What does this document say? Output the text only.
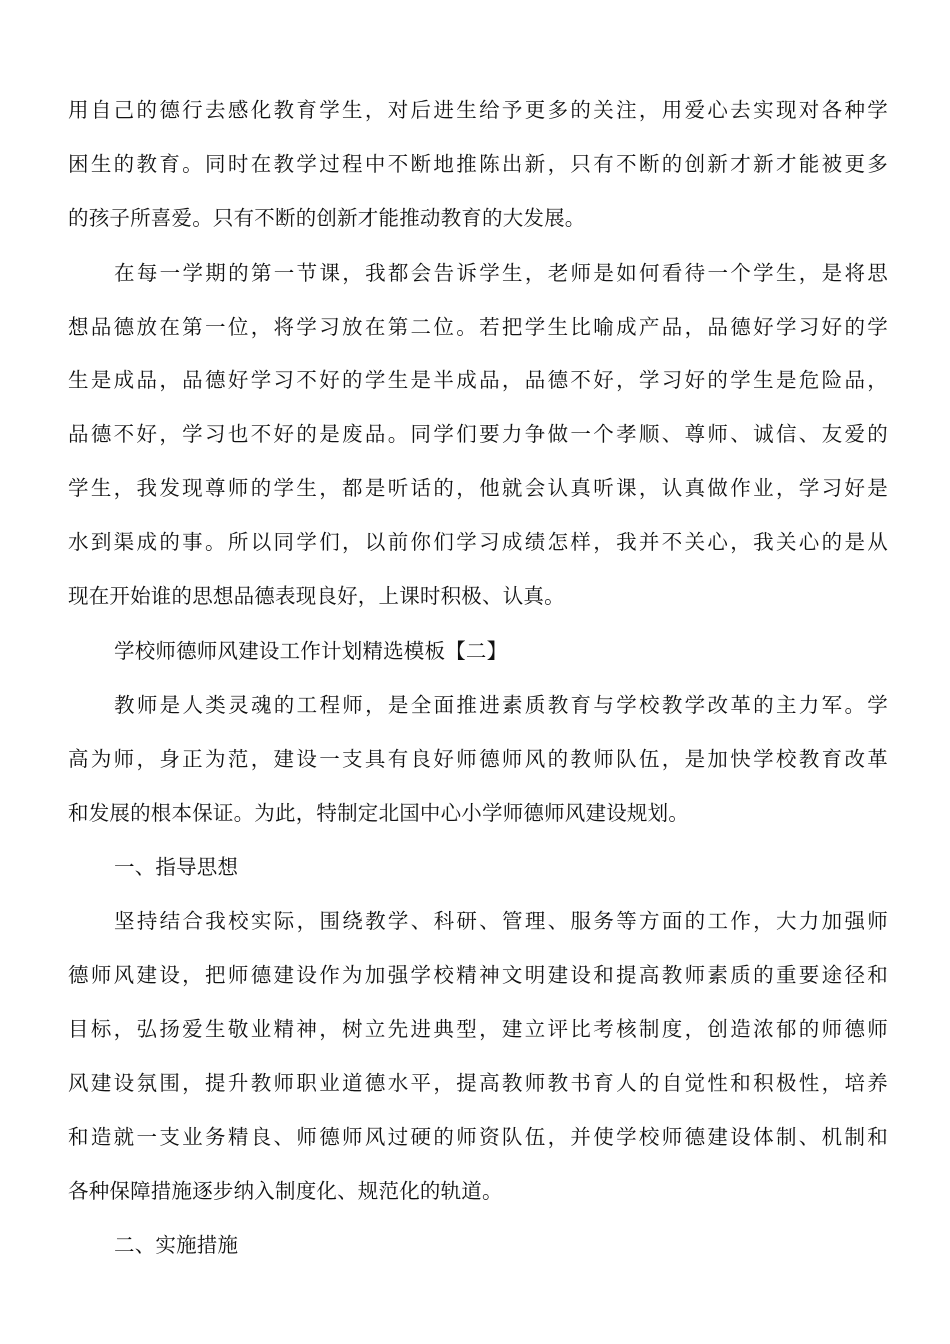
用自己的德行去感化教育学生，对后进生给予更多的关注，用爱心去实现对各种学
困生的教育。同时在教学过程中不断地推陈出新，只有不断的创新才新才能被更多
的孩子所喜爱。只有不断的创新才能推动教育的大发展。
在每一学期的第一节课，我都会告诉学生，老师是如何看待一个学生，是将思
想品德放在第一位，将学习放在第二位。若把学生比喻成产品，品德好学习好的学
生是成品，品德好学习不好的学生是半成品，品德不好，学习好的学生是危险品，
品德不好，学习也不好的是废品。同学们要力争做一个孝顺、尊师、诚信、友爱的
学生，我发现尊师的学生，都是听话的，他就会认真听课，认真做作业，学习好是
水到渠成的事。所以同学们，以前你们学习成绩怎样，我并不关心，我关心的是从
现在开始谁的思想品德表现良好，上课时积极、认真。
学校师德师风建设工作计划精选模板【二】
教师是人类灵魂的工程师，是全面推进素质教育与学校教学改革的主力军。学
高为师，身正为范，建设一支具有良好师德师风的教师队伍，是加快学校教育改革
和发展的根本保证。为此，特制定北国中心小学师德师风建设规划。
一、指导思想
坚持结合我校实际，围绕教学、科研、管理、服务等方面的工作，大力加强师
德师风建设，把师德建设作为加强学校精神文明建设和提高教师素质的重要途径和
目标，弘扬爱生敬业精神，树立先进典型，建立评比考核制度，创造浓郁的师德师
风建设氛围，提升教师职业道德水平，提高教师教书育人的自觉性和积极性，培养
和造就一支业务精良、师德师风过硬的师资队伍，并使学校师德建设体制、机制和
各种保障措施逐步纳入制度化、规范化的轨道。
二、实施措施
